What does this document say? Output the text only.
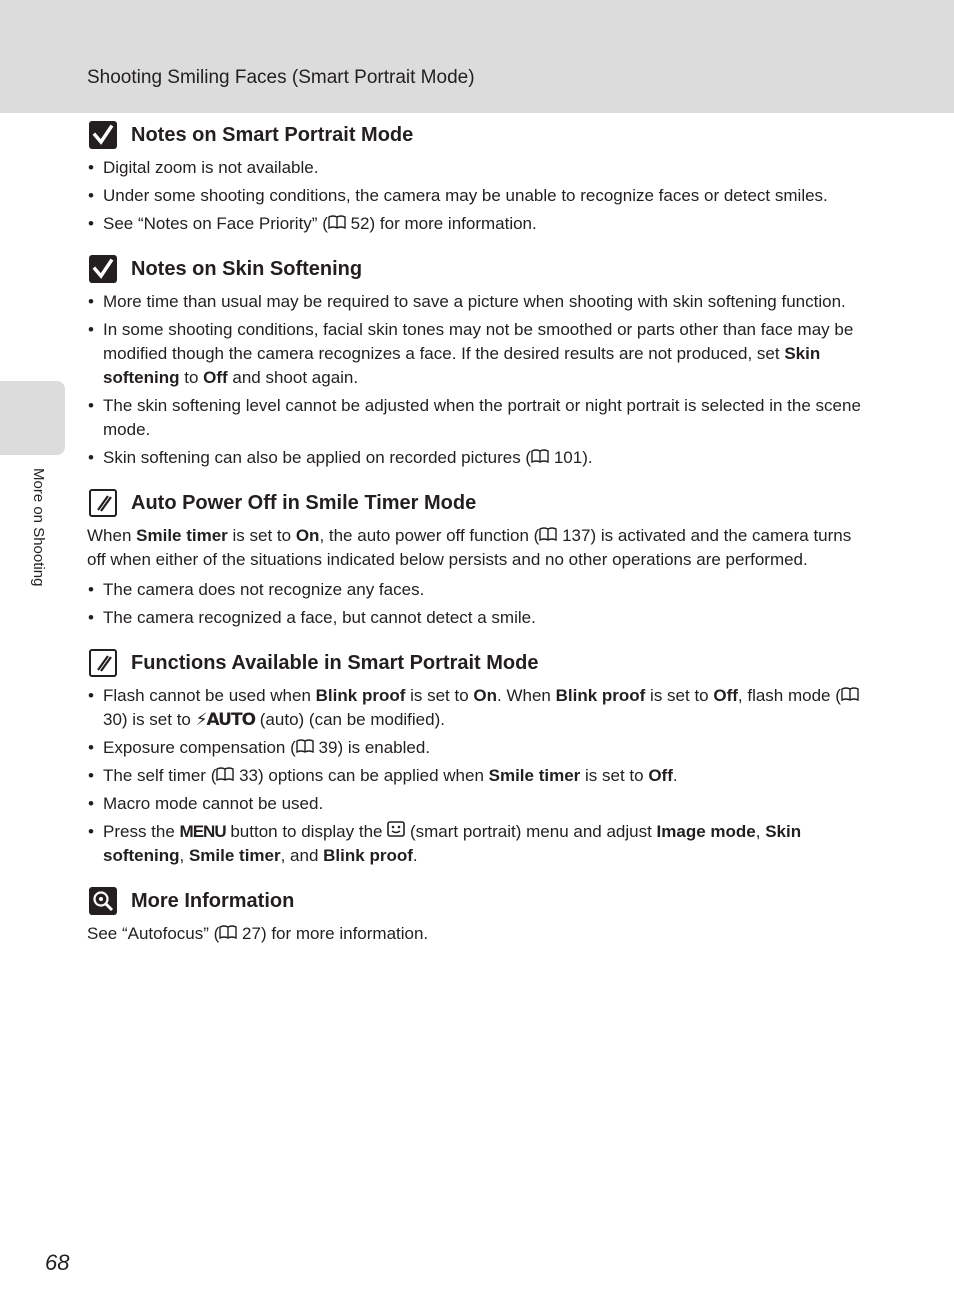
Shooting Smiling Faces (Smart Portrait Mode)
More on Shooting
Notes on Smart Portrait Mode
• Digital zoom is not available.
• Under some shooting conditions, the camera may be unable to recognize faces or detect smiles.
• See “Notes on Face Priority” ( 52) for more information.
Notes on Skin Softening
• More time than usual may be required to save a picture when shooting with skin softening function.
• In some shooting conditions, facial skin tones may not be smoothed or parts other than face may be modified though the camera recognizes a face. If the desired results are not produced, set Skin softening to Off and shoot again.
• The skin softening level cannot be adjusted when the portrait or night portrait is selected in the scene mode.
• Skin softening can also be applied on recorded pictures ( 101).
Auto Power Off in Smile Timer Mode

When Smile timer is set to On, the auto power off function ( 137) is activated and the camera turns off when either of the situations indicated below persists and no other operations are performed.

• The camera does not recognize any faces.
• The camera recognized a face, but cannot detect a smile.
Functions Available in Smart Portrait Mode
• Flash cannot be used when Blink proof is set to On. When Blink proof is set to Off, flash mode ( 30) is set to ⚡AUTO (auto) (can be modified).
• Exposure compensation ( 39) is enabled.
• The self timer ( 33) options can be applied when Smile timer is set to Off.
• Macro mode cannot be used.
• Press the MENU button to display the  (smart portrait) menu and adjust Image mode, Skin softening, Smile timer, and Blink proof.
More Information

See “Autofocus” ( 27) for more information.

68
